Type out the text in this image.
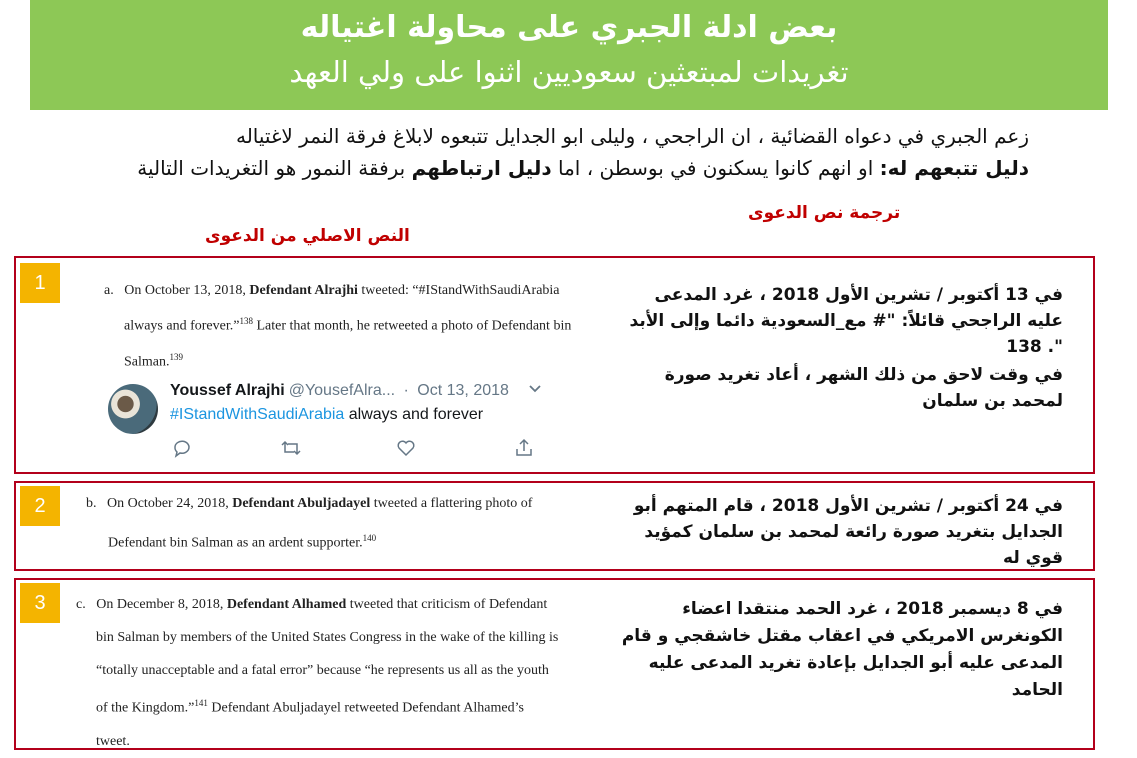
بعض ادلة الجبري على محاولة اغتياله
تغريدات لمبتعثين سعوديين اثنوا على ولي العهد
زعم الجبري في دعواه القضائية ، ان الراجحي ، وليلى ابو الجدايل تتبعوه لابلاغ فرقة النمر لاغتياله
دليل تتبعهم له: او انهم كانوا يسكنون في بوسطن ، اما دليل ارتباطهم برفقة النمور هو التغريدات التالية
ترجمة نص الدعوى
النص الاصلي من الدعوى
1	a. On October 13, 2018, Defendant Alrajhi tweeted: “#IStandWithSaudiArabia
always and forever.”$^{138}$ Later that month, he retweeted a photo of Defendant bin
Salman.$^{139}$
Youssef Alrajhi @YousefAlra... · Oct 13, 2018
#IStandWithSaudiArabia always and forever
في 13 أكتوبر / تشرين الأول 2018 ، غرد المدعى عليه الراجحي قائلاً: "# مع_السعودية دائما وإلى الأبد ". 138
في وقت لاحق من ذلك الشهر ، أعاد تغريد صورة لمحمد بن سلمان
2	b. On October 24, 2018, Defendant Abuljadayel tweeted a flattering photo of
Defendant bin Salman as an ardent supporter.$^{140}$
في 24 أكتوبر / تشرين الأول 2018 ، قام المتهم أبو الجدايل بتغريد صورة رائعة لمحمد بن سلمان كمؤيد قوي له
3	c. On December 8, 2018, Defendant Alhamed tweeted that criticism of Defendant
bin Salman by members of the United States Congress in the wake of the killing is
“totally unacceptable and a fatal error” because “he represents us all as the youth
of the Kingdom.”$^{141}$ Defendant Abuljadayel retweeted Defendant Alhamed’s
tweet.
في 8 ديسمبر 2018 ، غرد الحمد منتقدا اعضاء الكونغرس الامريكي في اعقاب مقتل خاشقجي و قام المدعى عليه أبو الجدايل بإعادة تغريد المدعى عليه الحامد
